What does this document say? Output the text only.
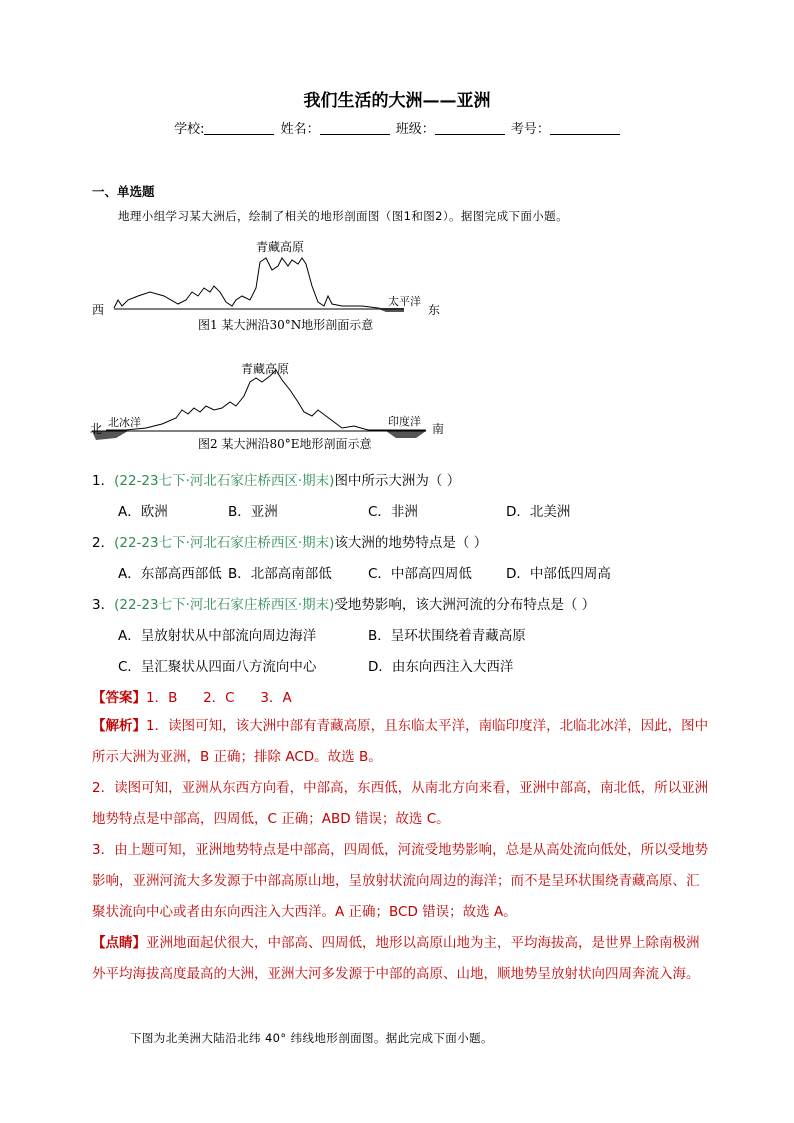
我们生活的大洲——亚洲
学校:	姓名：	班级：	考号：
一、单选题
地理小组学习某大洲后，绘制了相关的地形剖面图（图1和图2）。据图完成下面小题。
青藏高原
西	东
太平洋
图1 某大洲沿30°N地形剖面示意
青藏高原
北	南
北冰洋	印度洋
图2 某大洲沿80°E地形剖面示意
1．(22-23七下·河北石家庄桥西区·期末)图中所示大洲为（ ）
A．欧洲	B．亚洲	C．非洲	D．北美洲
2．(22-23七下·河北石家庄桥西区·期末)该大洲的地势特点是（ ）
A．东部高西部低 B．北部高南部低	C．中部高四周低	D．中部低四周高
3．(22-23七下·河北石家庄桥西区·期末)受地势影响，该大洲河流的分布特点是（ ）
A．呈放射状从中部流向周边海洋	B．呈环状围绕着青藏高原
C．呈汇聚状从四面八方流向中心	D．由东向西注入大西洋
【答案】1．B      2．C      3．A
【解析】1．读图可知，该大洲中部有青藏高原，且东临太平洋，南临印度洋，北临北冰洋，因此，图中所示大洲为亚洲，B 正确；排除 ACD。故选 B。
2．读图可知，亚洲从东西方向看，中部高，东西低，从南北方向来看，亚洲中部高，南北低，所以亚洲地势特点是中部高，四周低，C 正确；ABD 错误；故选 C。
3．由上题可知，亚洲地势特点是中部高，四周低，河流受地势影响，总是从高处流向低处，所以受地势影响，亚洲河流大多发源于中部高原山地，呈放射状流向周边的海洋；而不是呈环状围绕青藏高原、汇聚状流向中心或者由东向西注入大西洋。A 正确；BCD 错误；故选 A。
【点睛】亚洲地面起伏很大，中部高、四周低，地形以高原山地为主，平均海拔高，是世界上除南极洲外平均海拔高度最高的大洲，亚洲大河多发源于中部的高原、山地，顺地势呈放射状向四周奔流入海。
下图为北美洲大陆沿北纬 40° 纬线地形剖面图。据此完成下面小题。
